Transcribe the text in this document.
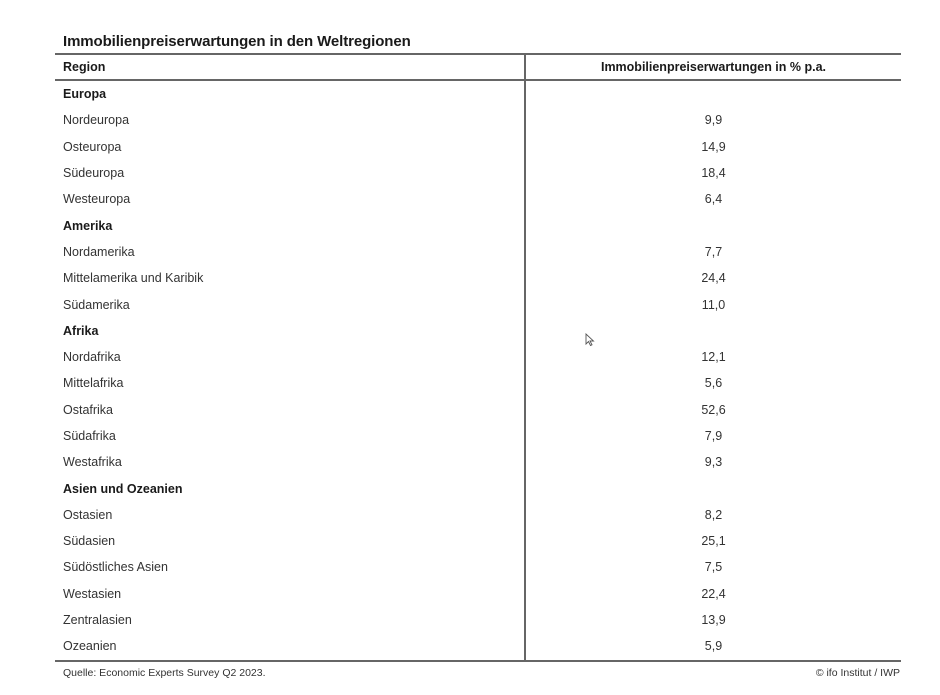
Immobilienpreiserwartungen in den Weltregionen
Region	Immobilienpreiserwartungen in % p.a.
Europa	
Nordeuropa	9,9
Osteuropa	14,9
Südeuropa	18,4
Westeuropa	6,4
Amerika	
Nordamerika	7,7
Mittelamerika und Karibik	24,4
Südamerika	11,0
Afrika	
Nordafrika	12,1
Mittelafrika	5,6
Ostafrika	52,6
Südafrika	7,9
Westafrika	9,3
Asien und Ozeanien	
Ostasien	8,2
Südasien	25,1
Südöstliches Asien	7,5
Westasien	22,4
Zentralasien	13,9
Ozeanien	5,9
Quelle: Economic Experts Survey Q2 2023.	© ifo Institut / IWP
